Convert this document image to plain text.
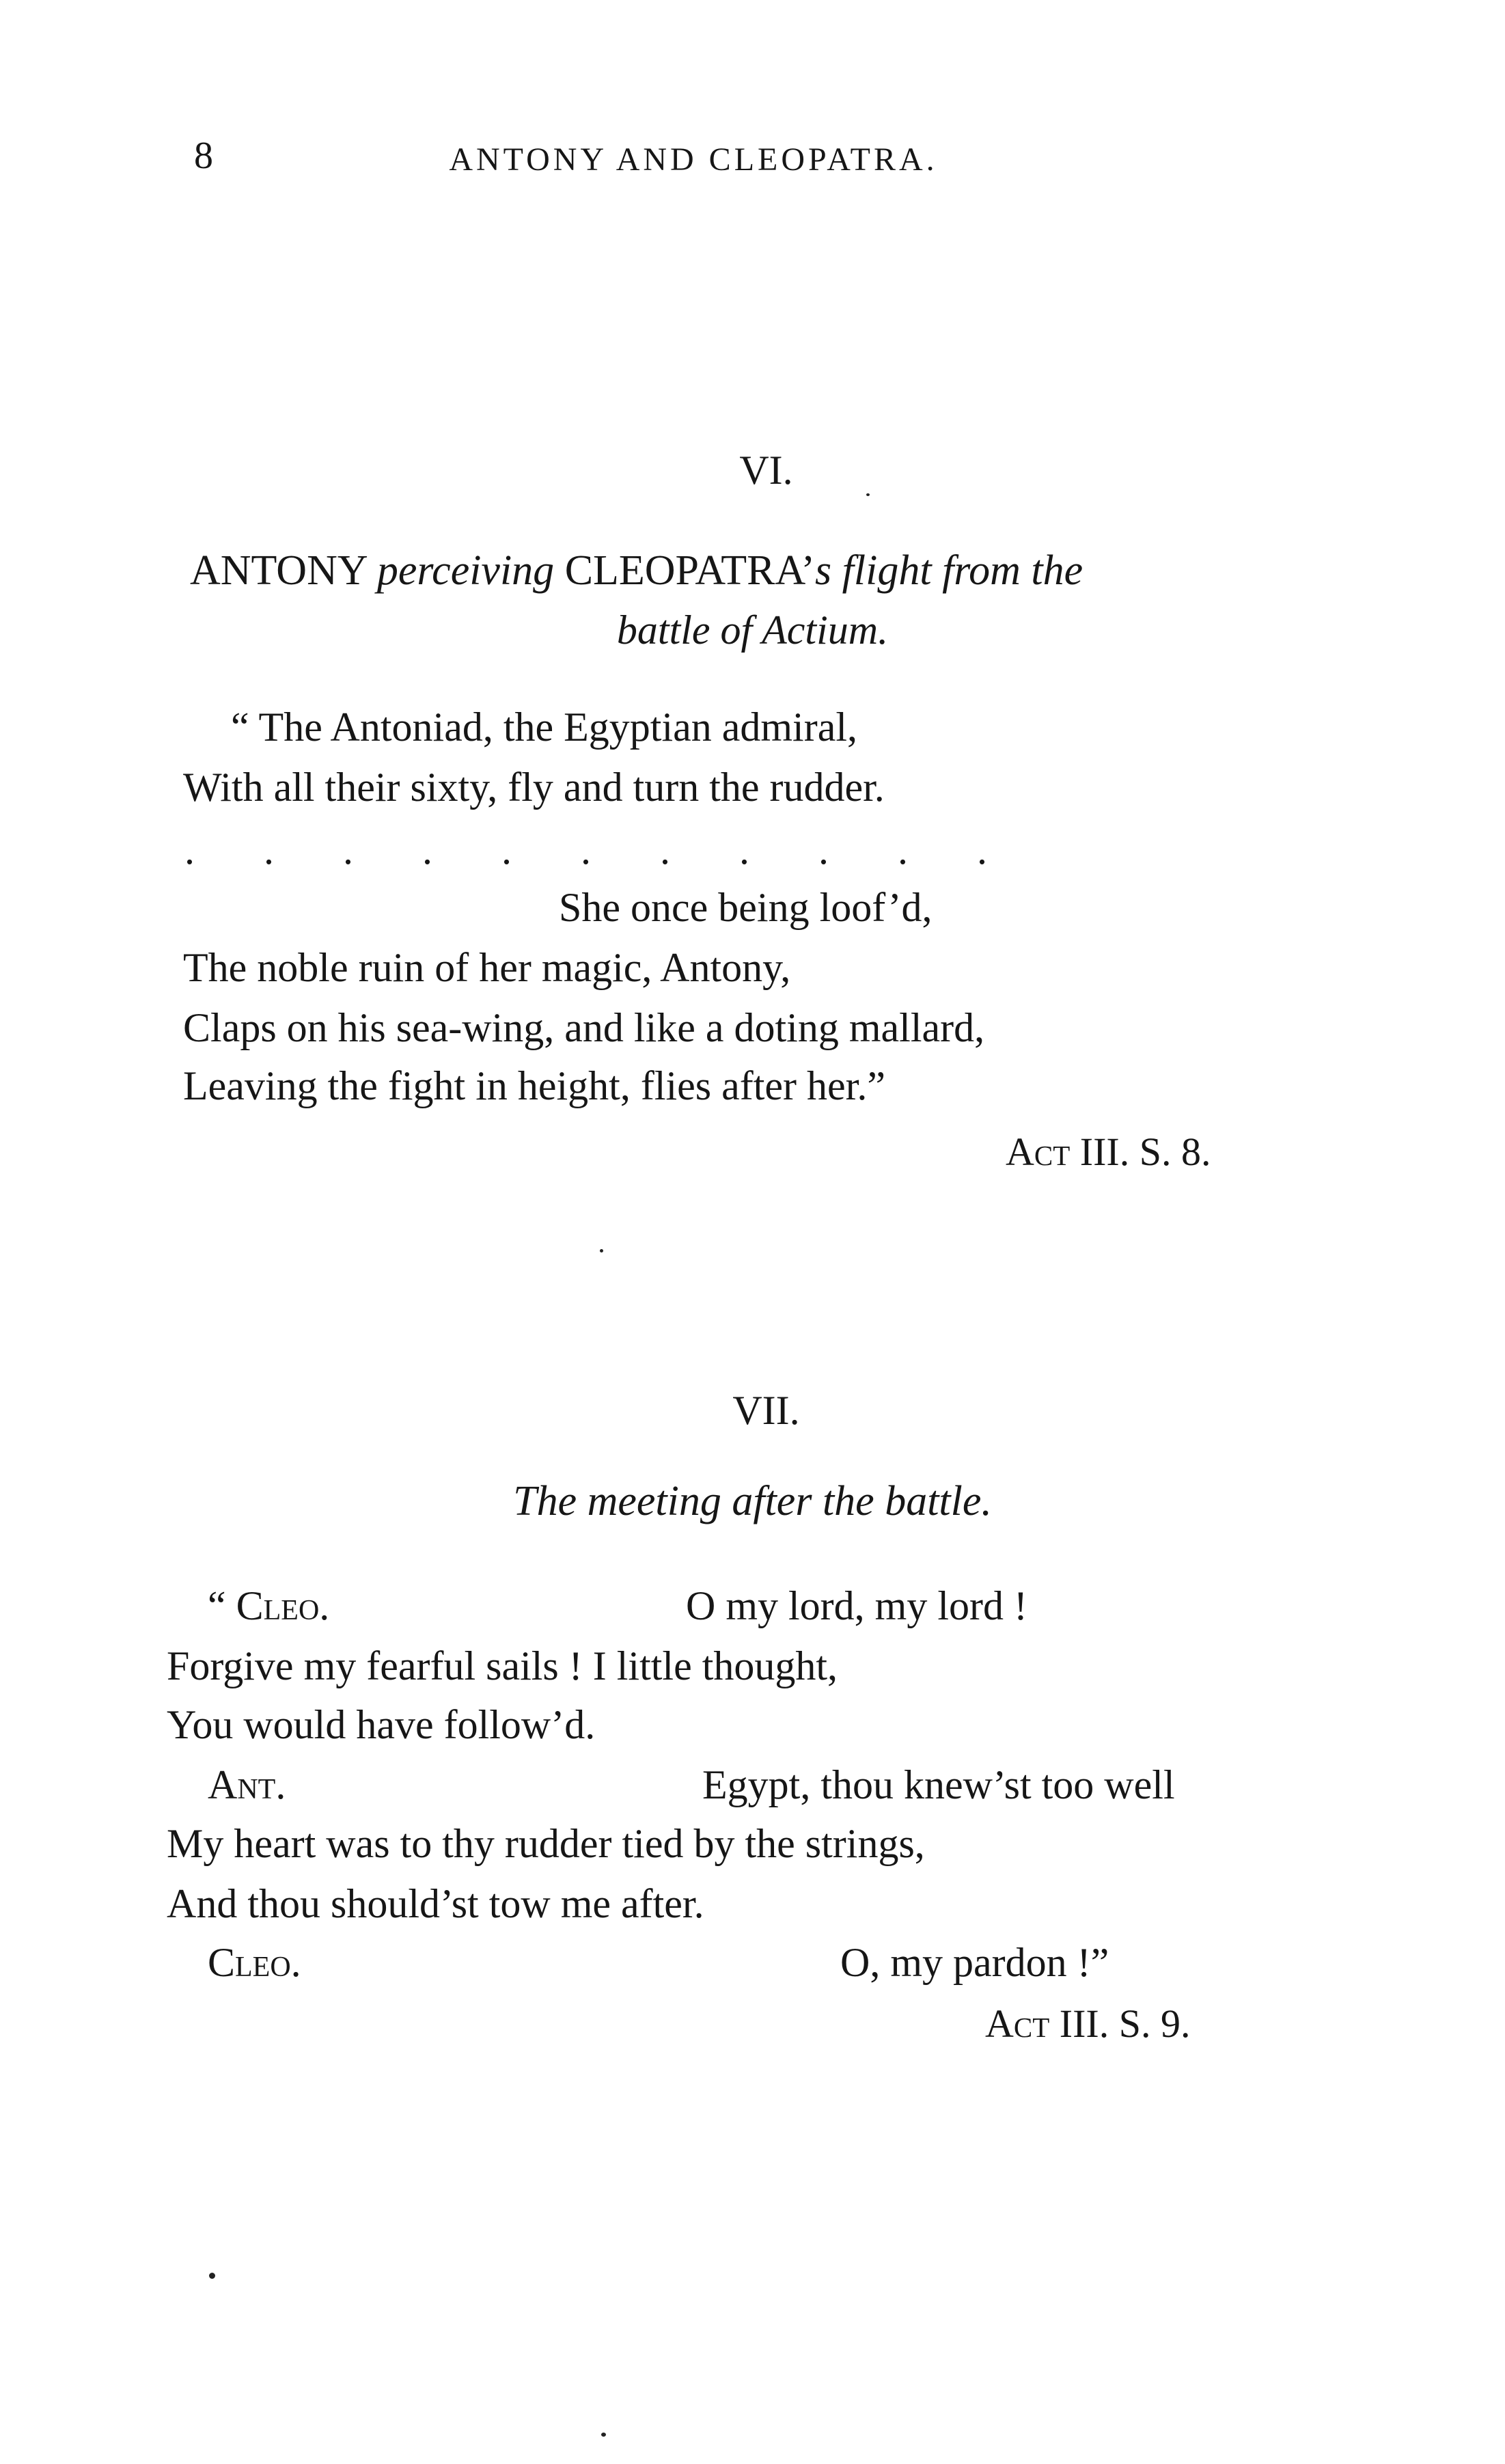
8	ANTONY AND CLEOPATRA.
VI.
ANTONY perceiving CLEOPATRA’s flight from the
battle of Actium.
“ The Antoniad, the Egyptian admiral,
With all their sixty, fly and turn the rudder.
. . . . . . . . . . .
She once being loof’d,
The noble ruin of her magic, Antony,
Claps on his sea-wing, and like a doting mallard,
Leaving the fight in height, flies after her.”
Act III. S. 8.
VII.
The meeting after the battle.
“ Cleo.	O my lord, my lord !
Forgive my fearful sails ! I little thought,
You would have follow’d.
Ant.	Egypt, thou knew’st too well
My heart was to thy rudder tied by the strings,
And thou should’st tow me after.
Cleo.	O, my pardon !”
Act III. S. 9.
